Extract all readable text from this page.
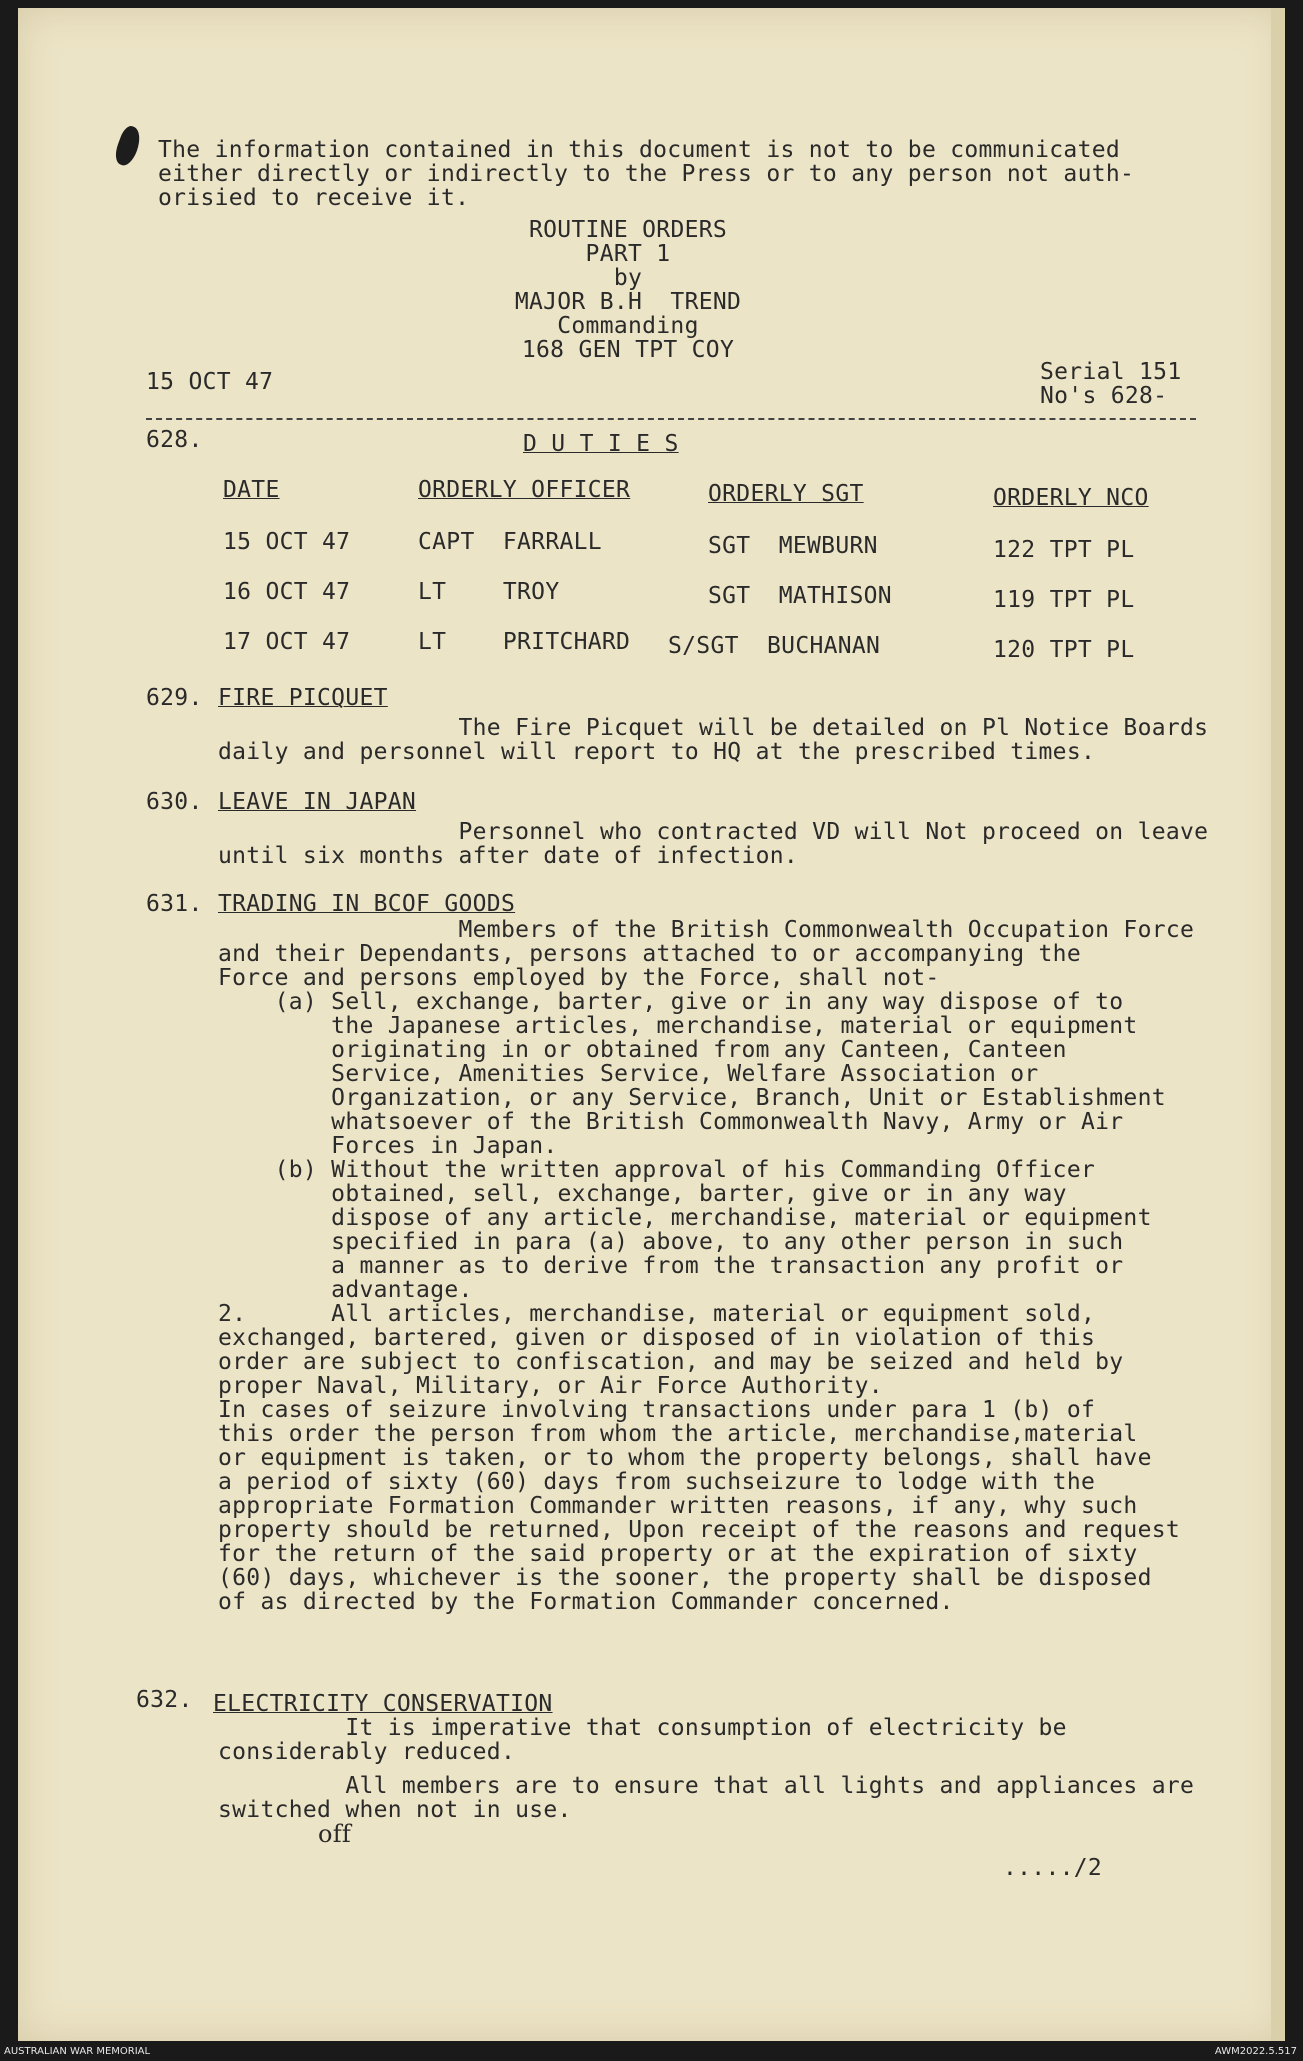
The information contained in this document is not to be communicated
either directly or indirectly to the Press or to any person not auth-
orisied to receive it.
ROUTINE ORDERS
PART 1
by
MAJOR B.H  TREND
Commanding
168 GEN TPT COY
15 OCT 47	Serial 151
No's 628-
628.	D U T I E S
DATE	ORDERLY OFFICER	ORDERLY SGT	ORDERLY NCO
15 OCT 47	CAPT  FARRALL	SGT  MEWBURN	122 TPT PL
16 OCT 47	LT    TROY	SGT  MATHISON	119 TPT PL
17 OCT 47	LT    PRITCHARD S/SGT  BUCHANAN	120 TPT PL
629. FIRE PICQUET
The Fire Picquet will be detailed on Pl Notice Boards
daily and personnel will report to HQ at the prescribed times.
630. LEAVE IN JAPAN
Personnel who contracted VD will Not proceed on leave
until six months after date of infection.
631. TRADING IN BCOF GOODS
Members of the British Commonwealth Occupation Force
and their Dependants, persons attached to or accompanying the
Force and persons employed by the Force, shall not-
(a) Sell, exchange, barter, give or in any way dispose of to
the Japanese articles, merchandise, material or equipment
originating in or obtained from any Canteen, Canteen
Service, Amenities Service, Welfare Association or
Organization, or any Service, Branch, Unit or Establishment
whatsoever of the British Commonwealth Navy, Army or Air
Forces in Japan.
(b) Without the written approval of his Commanding Officer
obtained, sell, exchange, barter, give or in any way
dispose of any article, merchandise, material or equipment
specified in para (a) above, to any other person in such
a manner as to derive from the transaction any profit or
advantage.
2.      All articles, merchandise, material or equipment sold,
exchanged, bartered, given or disposed of in violation of this
order are subject to confiscation, and may be seized and held by
proper Naval, Military, or Air Force Authority.
In cases of seizure involving transactions under para 1 (b) of
this order the person from whom the article, merchandise,material
or equipment is taken, or to whom the property belongs, shall have
a period of sixty (60) days from suchseizure to lodge with the
appropriate Formation Commander written reasons, if any, why such
property should be returned, Upon receipt of the reasons and request
for the return of the said property or at the expiration of sixty
(60) days, whichever is the sooner, the property shall be disposed
of as directed by the Formation Commander concerned.
632. ELECTRICITY CONSERVATION
It is imperative that consumption of electricity be
considerably reduced.
All members are to ensure that all lights and appliances are
switched when not in use.
off
...../2
AUSTRALIAN WAR MEMORIAL	AWM2022.5.517
